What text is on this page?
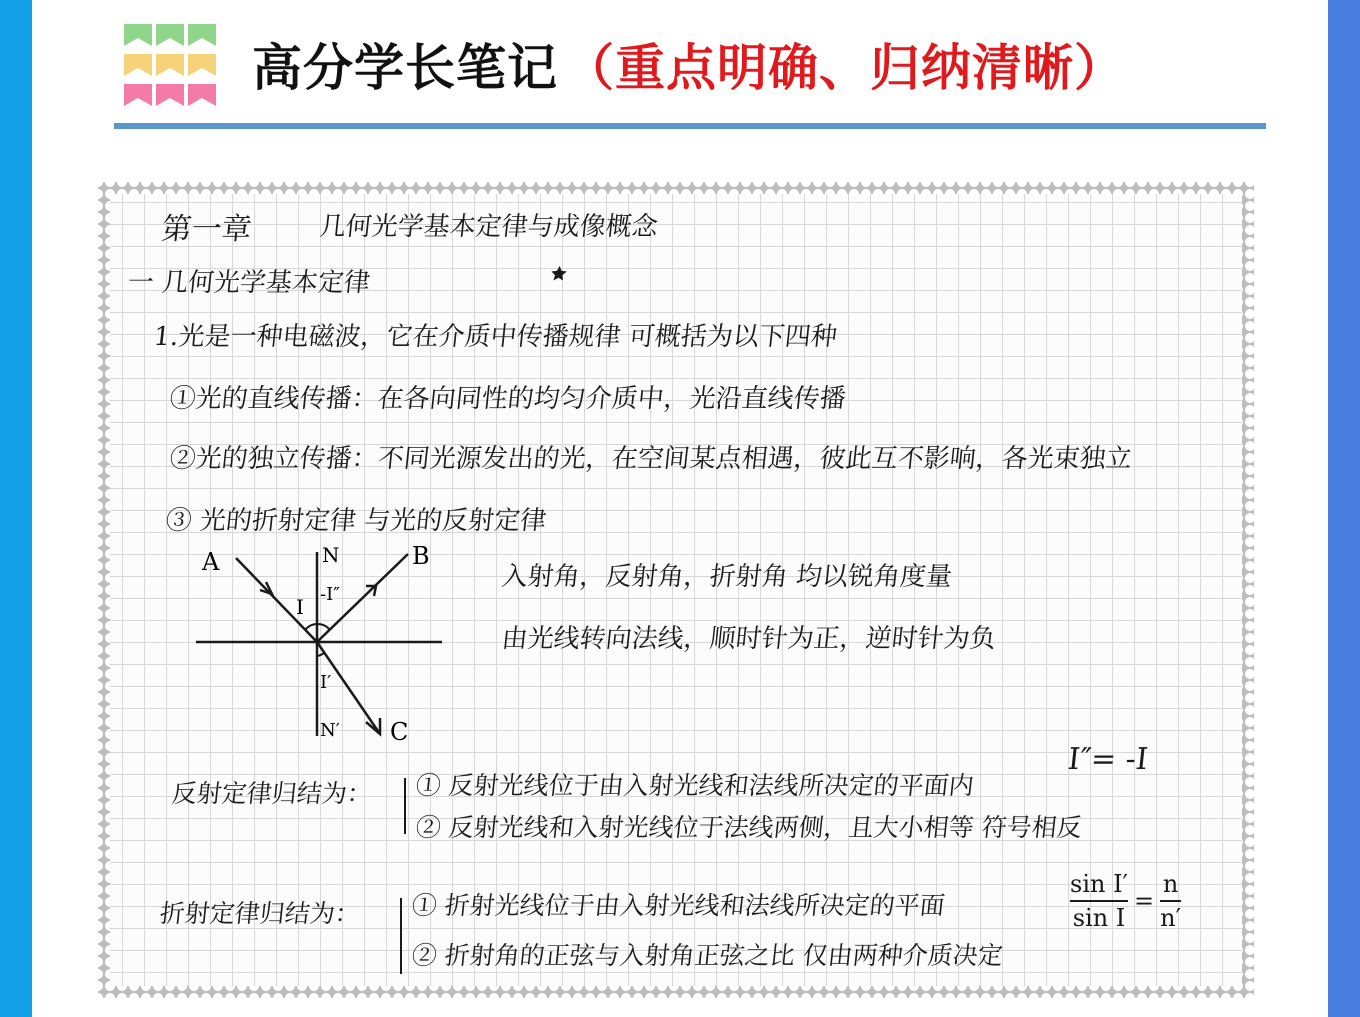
高分学长笔记 （重点明确、归纳清晰）
第一章 几何光学基本定律与成像概念
一 几何光学基本定律	🟊
1.光是一种电磁波，它在介质中传播规律 可概括为以下四种
①光的直线传播：在各向同性的均匀介质中，光沿直线传播
②光的独立传播：不同光源发出的光，在空间某点相遇，彼此互不影响，各光束独立
③ 光的折射定律 与光的反射定律
A	B
C
N
N′
I
-I″
I′
入射角，反射角，折射角 均以锐角度量
由光线转向法线，顺时针为正，逆时针为负
I″= -I
反射定律归结为： ① 反射光线位于由入射光线和法线所决定的平面内
② 反射光线和入射光线位于法线两侧，且大小相等 符号相反
折射定律归结为： ① 折射光线位于由入射光线和法线所决定的平面
② 折射角的正弦与入射角正弦之比 仅由两种介质决定
$\frac{\text{sin I′}}{\text{sin I}} = \frac{n}{n'}$
